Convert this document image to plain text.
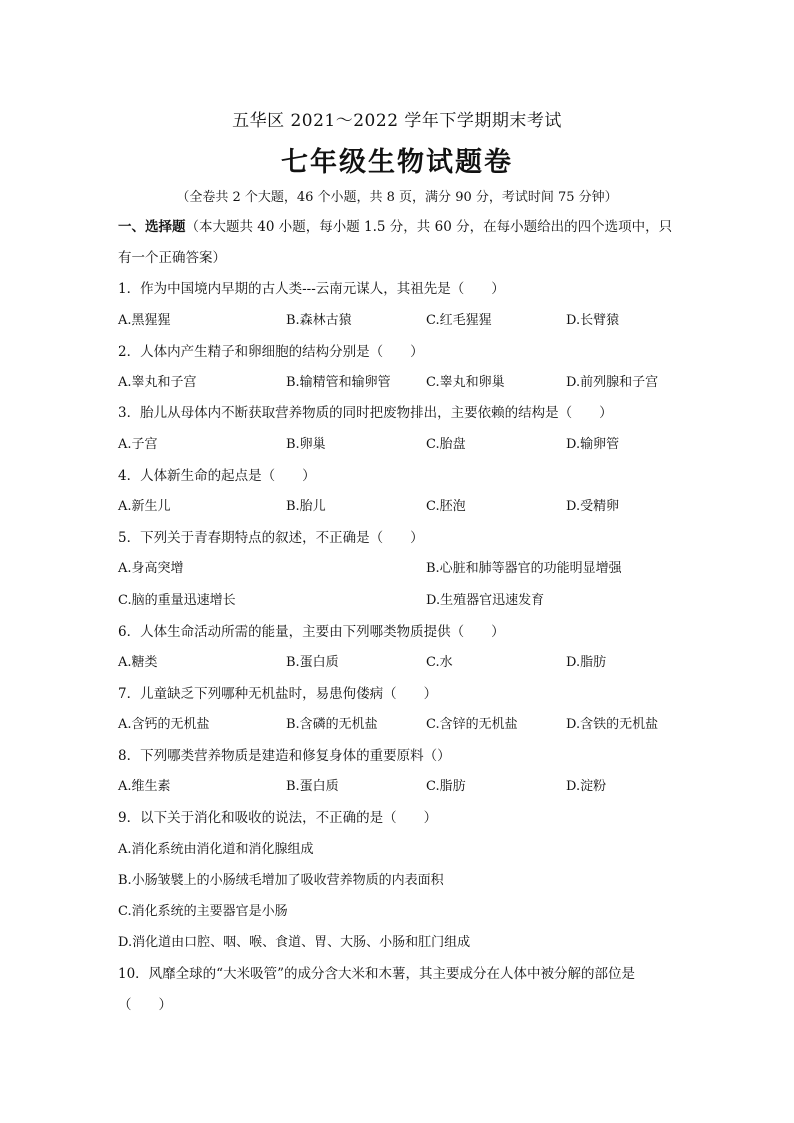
五华区 2021～2022 学年下学期期末考试
七年级生物试题卷
（全卷共 2 个大题，46 个小题，共 8 页，满分 90 分，考试时间 75 分钟）
一、选择题（本大题共 40 小题，每小题 1.5 分，共 60 分，在每小题给出的四个选项中，只
有一个正确答案）
1．作为中国境内早期的古人类---云南元谋人，其祖先是（　　）
A.黑猩猩	B.森林古猿	C.红毛猩猩	D.长臂猿
2．人体内产生精子和卵细胞的结构分别是（　　）
A.睾丸和子宫	B.输精管和输卵管	C.睾丸和卵巢	D.前列腺和子宫
3．胎儿从母体内不断获取营养物质的同时把废物排出，主要依赖的结构是（　　）
A.子宫	B.卵巢	C.胎盘	D.输卵管
4．人体新生命的起点是（　　）
A.新生儿	B.胎儿	C.胚泡	D.受精卵
5．下列关于青春期特点的叙述，不正确是（　　）
A.身高突增	B.心脏和肺等器官的功能明显增强
C.脑的重量迅速增长	D.生殖器官迅速发育
6．人体生命活动所需的能量，主要由下列哪类物质提供（　　）
A.糖类	B.蛋白质	C.水	D.脂肪
7．儿童缺乏下列哪种无机盐时，易患佝偻病（　　）
A.含钙的无机盐	B.含磷的无机盐	C.含锌的无机盐	D.含铁的无机盐
8．下列哪类营养物质是建造和修复身体的重要原料（）
A.维生素	B.蛋白质	C.脂肪	D.淀粉
9．以下关于消化和吸收的说法，不正确的是（　　）
A.消化系统由消化道和消化腺组成
B.小肠皱襞上的小肠绒毛增加了吸收营养物质的内表面积
C.消化系统的主要器官是小肠
D.消化道由口腔、咽、喉、食道、胃、大肠、小肠和肛门组成
10．风靡全球的“大米吸管”的成分含大米和木薯，其主要成分在人体中被分解的部位是
（　　）
